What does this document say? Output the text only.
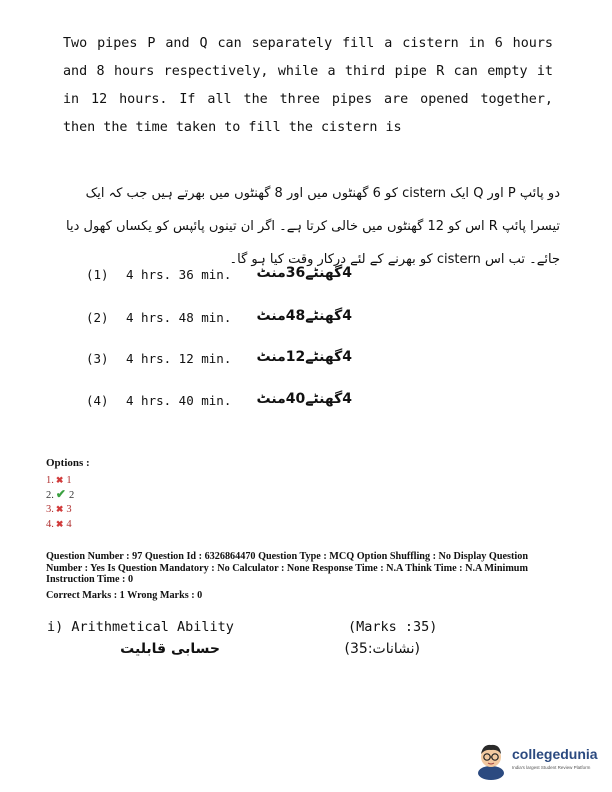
Two pipes P and Q can separately fill a cistern in 6 hours and 8 hours respectively, while a third pipe R can empty it in 12 hours. If all the three pipes are opened together, then the time taken to fill the cistern is

دو پائپ P اور Q ایک cistern کو 6 گھنٹوں میں اور 8 گھنٹوں میں بھرتے ہیں جب کہ ایک تیسرا پائپ R اس کو 12 گھنٹوں میں خالی کرتا ہے۔ اگر ان تینوں پائپس کو یکساں کھول دیا جائے۔ تب اس cistern کو بھرنے کے لئے درکار وقت کیا ہو گا۔

(1) 4 hrs. 36 min. 4گھنٹے36منٹ
(2) 4 hrs. 48 min. 4گھنٹے48منٹ
(3) 4 hrs. 12 min. 4گھنٹے12منٹ
(4) 4 hrs. 40 min. 4گھنٹے40منٹ
Options :
1. ✖ 1
2. ✔ 2
3. ✖ 3
4. ✖ 4
Question Number : 97 Question Id : 6326864470 Question Type : MCQ Option Shuffling : No Display Question Number : Yes Is Question Mandatory : No Calculator : None Response Time : N.A Think Time : N.A Minimum Instruction Time : 0
Correct Marks : 1 Wrong Marks : 0
i) Arithmetical Ability	(Marks :35)
حسابی قابلیت	(نشانات:35)
collegedunia
India's largest Student Review Platform
